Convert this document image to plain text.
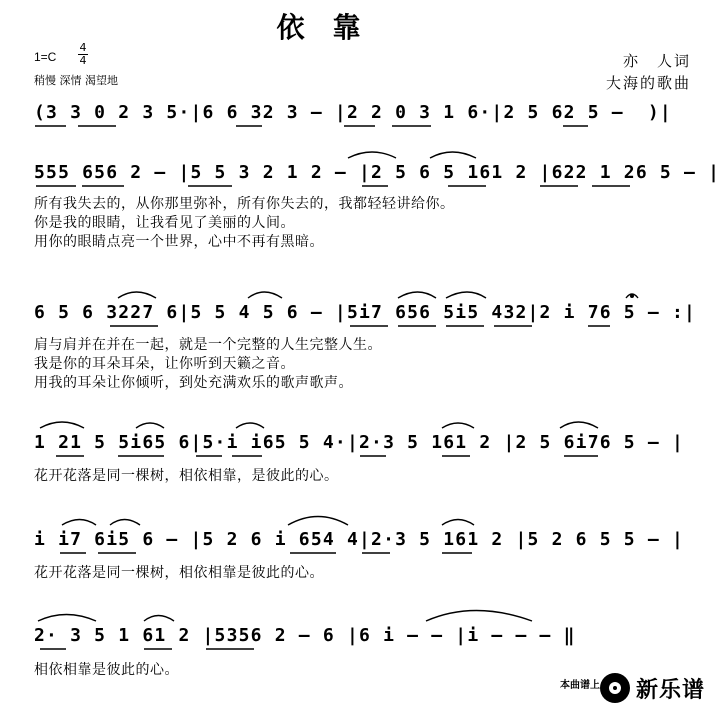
依靠
1=C
4
4
稍慢 深情 渴望地
亦　人词
大海的歌曲
(3 3 0 2 3 5·|6 6 32 3 – |2 2 0 3 1 6·|2 5 62 5 –  )|
555 656 2 – |5 5 3 2 1 2 – |2 5 6 5 161 2 |622 1 26 5 – |
所有我失去的，从你那里弥补，所有你失去的，我都轻轻讲给你。
你是我的眼睛，让我看见了美丽的人间。
用你的眼睛点亮一个世界，心中不再有黑暗。
6 5 6 3227 6|5 5 4 5 6 – |5i7 656 5i5 432|2 i 76 5 – :|
肩与肩并在并在一起，就是一个完整的人生完整人生。
我是你的耳朵耳朵，让你听到天籁之音。
用我的耳朵让你倾听，到处充满欢乐的歌声歌声。
1 21 5 5i65 6|5·i i65 5 4·|2·3 5 161 2 |2 5 6i76 5 – |
花开花落是同一棵树，相依相靠，是彼此的心。
i i7 6i5 6 – |5 2 6 i 654 4|2·3 5 161 2 |5 2 6 5 5 – |
花开花落是同一棵树，相依相靠是彼此的心。
2· 3 5 1 61 2 |5356 2 – 6 |6 i – – |i – – – ‖
相依相靠是彼此的心。
本曲谱上 新乐谱
